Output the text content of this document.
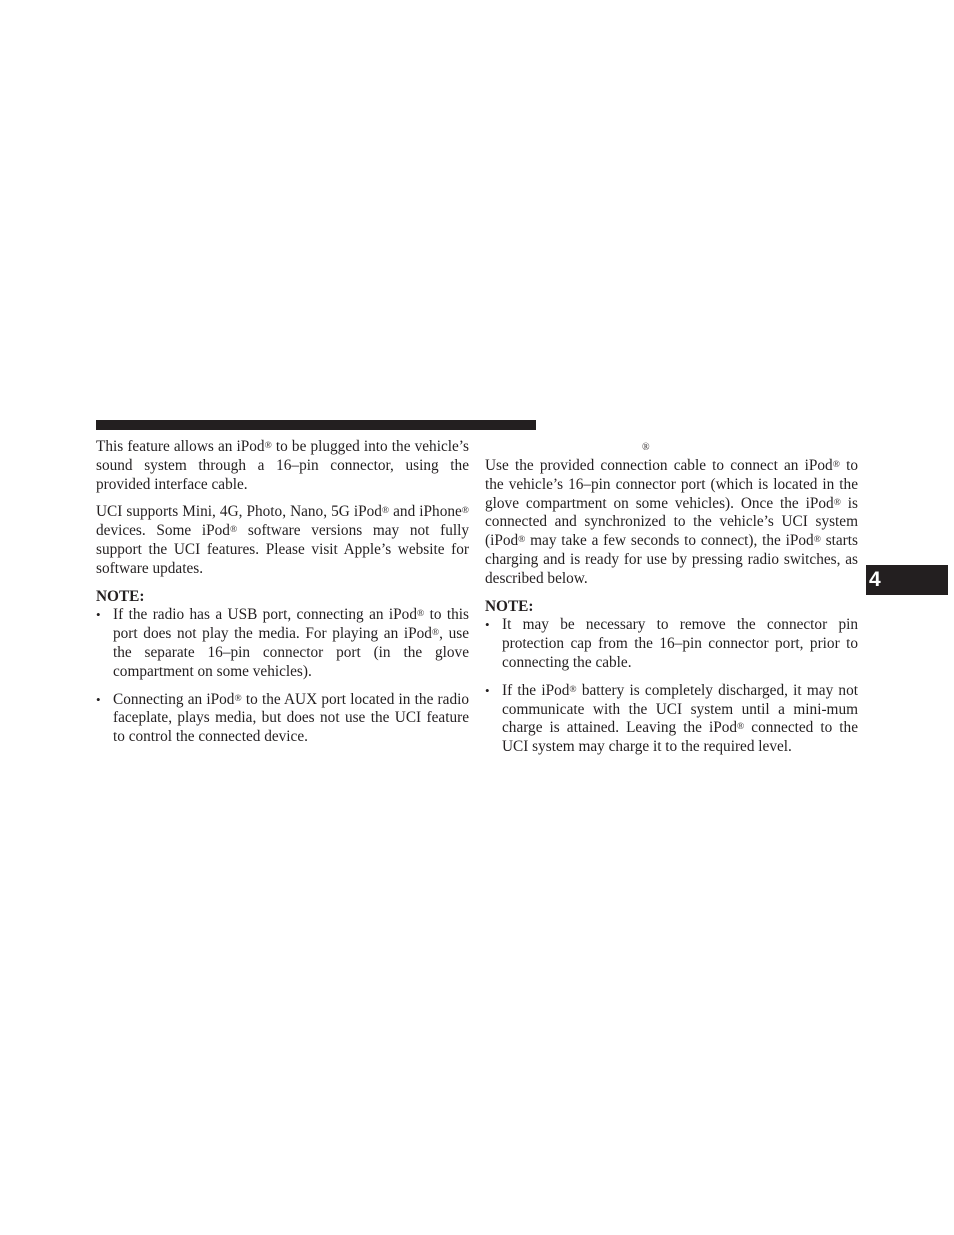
This feature allows an iPod® to be plugged into the vehicle’s sound system through a 16–pin connector, using the provided interface cable.

UCI supports Mini, 4G, Photo, Nano, 5G iPod® and iPhone® devices. Some iPod® software versions may not fully support the UCI features. Please visit Apple’s website for software updates.

NOTE:
• If the radio has a USB port, connecting an iPod® to this port does not play the media. For playing an iPod®, use the separate 16–pin connector port (in the glove compartment on some vehicles).
• Connecting an iPod® to the AUX port located in the radio faceplate, plays media, but does not use the UCI feature to control the connected device.
®

Use the provided connection cable to connect an iPod® to the vehicle’s 16–pin connector port (which is located in the glove compartment on some vehicles). Once the iPod® is connected and synchronized to the vehicle’s UCI system (iPod® may take a few seconds to connect), the iPod® starts charging and is ready for use by pressing radio switches, as described below.

NOTE:
• It may be necessary to remove the connector pin protection cap from the 16–pin connector port, prior to connecting the cable.
• If the iPod® battery is completely discharged, it may not communicate with the UCI system until a mini-mum charge is attained. Leaving the iPod® connected to the UCI system may charge it to the required level.
4
